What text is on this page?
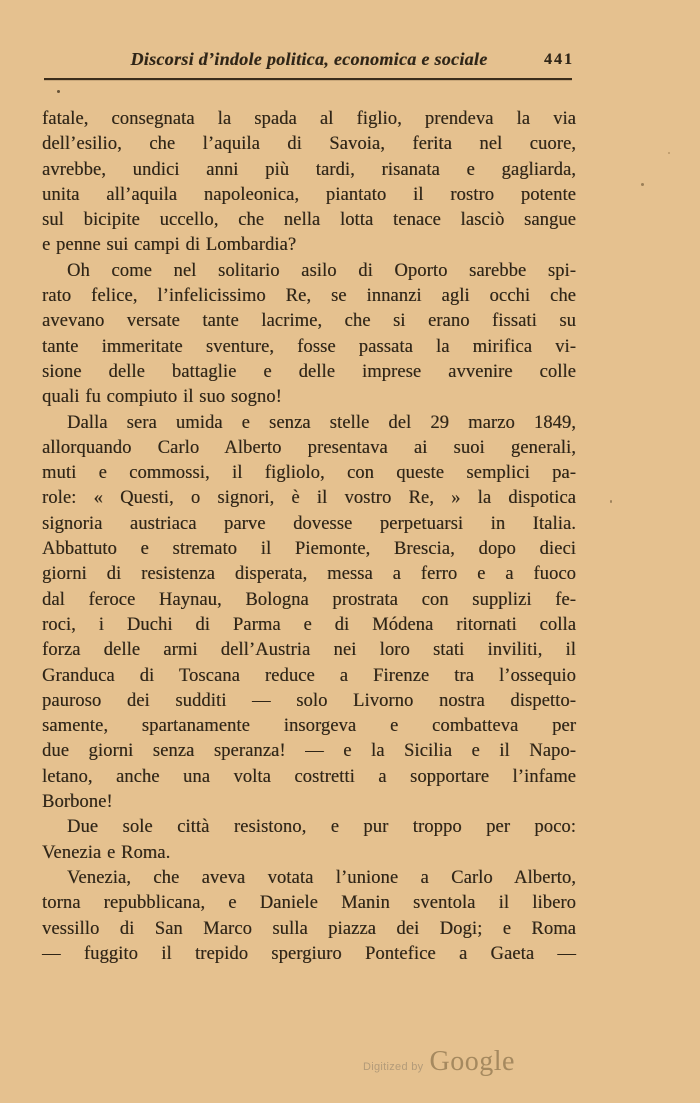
Discorsi d’indole politica, economica e sociale	441
fatale, consegnata la spada al figlio, prendeva la via
dell’esilio, che l’aquila di Savoia, ferita nel cuore,
avrebbe, undici anni più tardi, risanata e gagliarda,
unita all’aquila napoleonica, piantato il rostro potente
sul bicipite uccello, che nella lotta tenace lasciò sangue
e penne sui campi di Lombardia?
Oh come nel solitario asilo di Oporto sarebbe spi-
rato felice, l’infelicissimo Re, se innanzi agli occhi che
avevano versate tante lacrime, che si erano fissati su
tante immeritate sventure, fosse passata la mirifica vi-
sione delle battaglie e delle imprese avvenire colle
quali fu compiuto il suo sogno!
Dalla sera umida e senza stelle del 29 marzo 1849,
allorquando Carlo Alberto presentava ai suoi generali,
muti e commossi, il figliolo, con queste semplici pa-
role: « Questi, o signori, è il vostro Re, » la dispotica
signoria austriaca parve dovesse perpetuarsi in Italia.
Abbattuto e stremato il Piemonte, Brescia, dopo dieci
giorni di resistenza disperata, messa a ferro e a fuoco
dal feroce Haynau, Bologna prostrata con supplizi fe-
roci, i Duchi di Parma e di Módena ritornati colla
forza delle armi dell’Austria nei loro stati inviliti, il
Granduca di Toscana reduce a Firenze tra l’ossequio
pauroso dei sudditi — solo Livorno nostra dispetto-
samente, spartanamente insorgeva e combatteva per
due giorni senza speranza! — e la Sicilia e il Napo-
letano, anche una volta costretti a sopportare l’infame
Borbone!
Due sole città resistono, e pur troppo per poco:
Venezia e Roma.
Venezia, che aveva votata l’unione a Carlo Alberto,
torna repubblicana, e Daniele Manin sventola il libero
vessillo di San Marco sulla piazza dei Dogi; e Roma
— fuggito il trepido spergiuro Pontefice a Gaeta —
Digitized by Google
